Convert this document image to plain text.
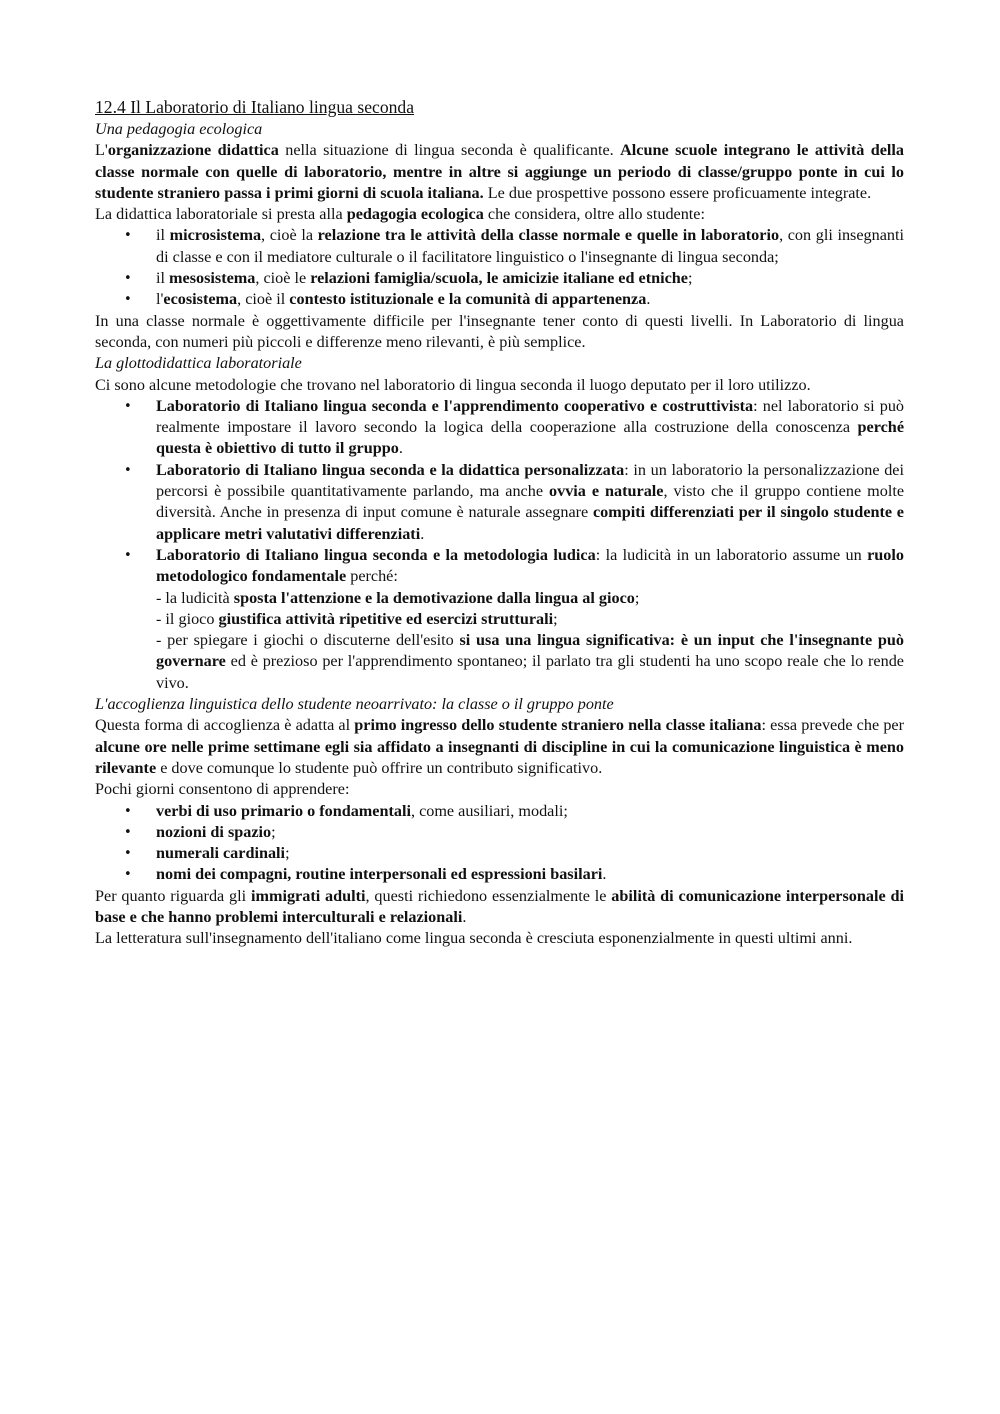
12.4 Il Laboratorio di Italiano lingua seconda

Una pedagogia ecologica

L'organizzazione didattica nella situazione di lingua seconda è qualificante. Alcune scuole integrano le attività della classe normale con quelle di laboratorio, mentre in altre si aggiunge un periodo di classe/gruppo ponte in cui lo studente straniero passa i primi giorni di scuola italiana. Le due prospettive possono essere proficuamente integrate.

La didattica laboratoriale si presta alla pedagogia ecologica che considera, oltre allo studente:

• il microsistema, cioè la relazione tra le attività della classe normale e quelle in laboratorio, con gli insegnanti di classe e con il mediatore culturale o il facilitatore linguistico o l'insegnante di lingua seconda;
• il mesosistema, cioè le relazioni famiglia/scuola, le amicizie italiane ed etniche;
• l'ecosistema, cioè il contesto istituzionale e la comunità di appartenenza.

In una classe normale è oggettivamente difficile per l'insegnante tener conto di questi livelli. In Laboratorio di lingua seconda, con numeri più piccoli e differenze meno rilevanti, è più semplice.

La glottodidattica laboratoriale

Ci sono alcune metodologie che trovano nel laboratorio di lingua seconda il luogo deputato per il loro utilizzo.

• Laboratorio di Italiano lingua seconda e l'apprendimento cooperativo e costruttivista: nel laboratorio si può realmente impostare il lavoro secondo la logica della cooperazione alla costruzione della conoscenza perché questa è obiettivo di tutto il gruppo.
• Laboratorio di Italiano lingua seconda e la didattica personalizzata: in un laboratorio la personalizzazione dei percorsi è possibile quantitativamente parlando, ma anche ovvia e naturale, visto che il gruppo contiene molte diversità. Anche in presenza di input comune è naturale assegnare compiti differenziati per il singolo studente e applicare metri valutativi differenziati.
• Laboratorio di Italiano lingua seconda e la metodologia ludica: la ludicità in un laboratorio assume un ruolo metodologico fondamentale perché:
- la ludicità sposta l'attenzione e la demotivazione dalla lingua al gioco;
- il gioco giustifica attività ripetitive ed esercizi strutturali;
- per spiegare i giochi o discuterne dell'esito si usa una lingua significativa: è un input che l'insegnante può governare ed è prezioso per l'apprendimento spontaneo; il parlato tra gli studenti ha uno scopo reale che lo rende vivo.

L'accoglienza linguistica dello studente neoarrivato: la classe o il gruppo ponte

Questa forma di accoglienza è adatta al primo ingresso dello studente straniero nella classe italiana: essa prevede che per alcune ore nelle prime settimane egli sia affidato a insegnanti di discipline in cui la comunicazione linguistica è meno rilevante e dove comunque lo studente può offrire un contributo significativo.

Pochi giorni consentono di apprendere:

• verbi di uso primario o fondamentali, come ausiliari, modali;
• nozioni di spazio;
• numerali cardinali;
• nomi dei compagni, routine interpersonali ed espressioni basilari.

Per quanto riguarda gli immigrati adulti, questi richiedono essenzialmente le abilità di comunicazione interpersonale di base e che hanno problemi interculturali e relazionali.

La letteratura sull'insegnamento dell'italiano come lingua seconda è cresciuta esponenzialmente in questi ultimi anni.
